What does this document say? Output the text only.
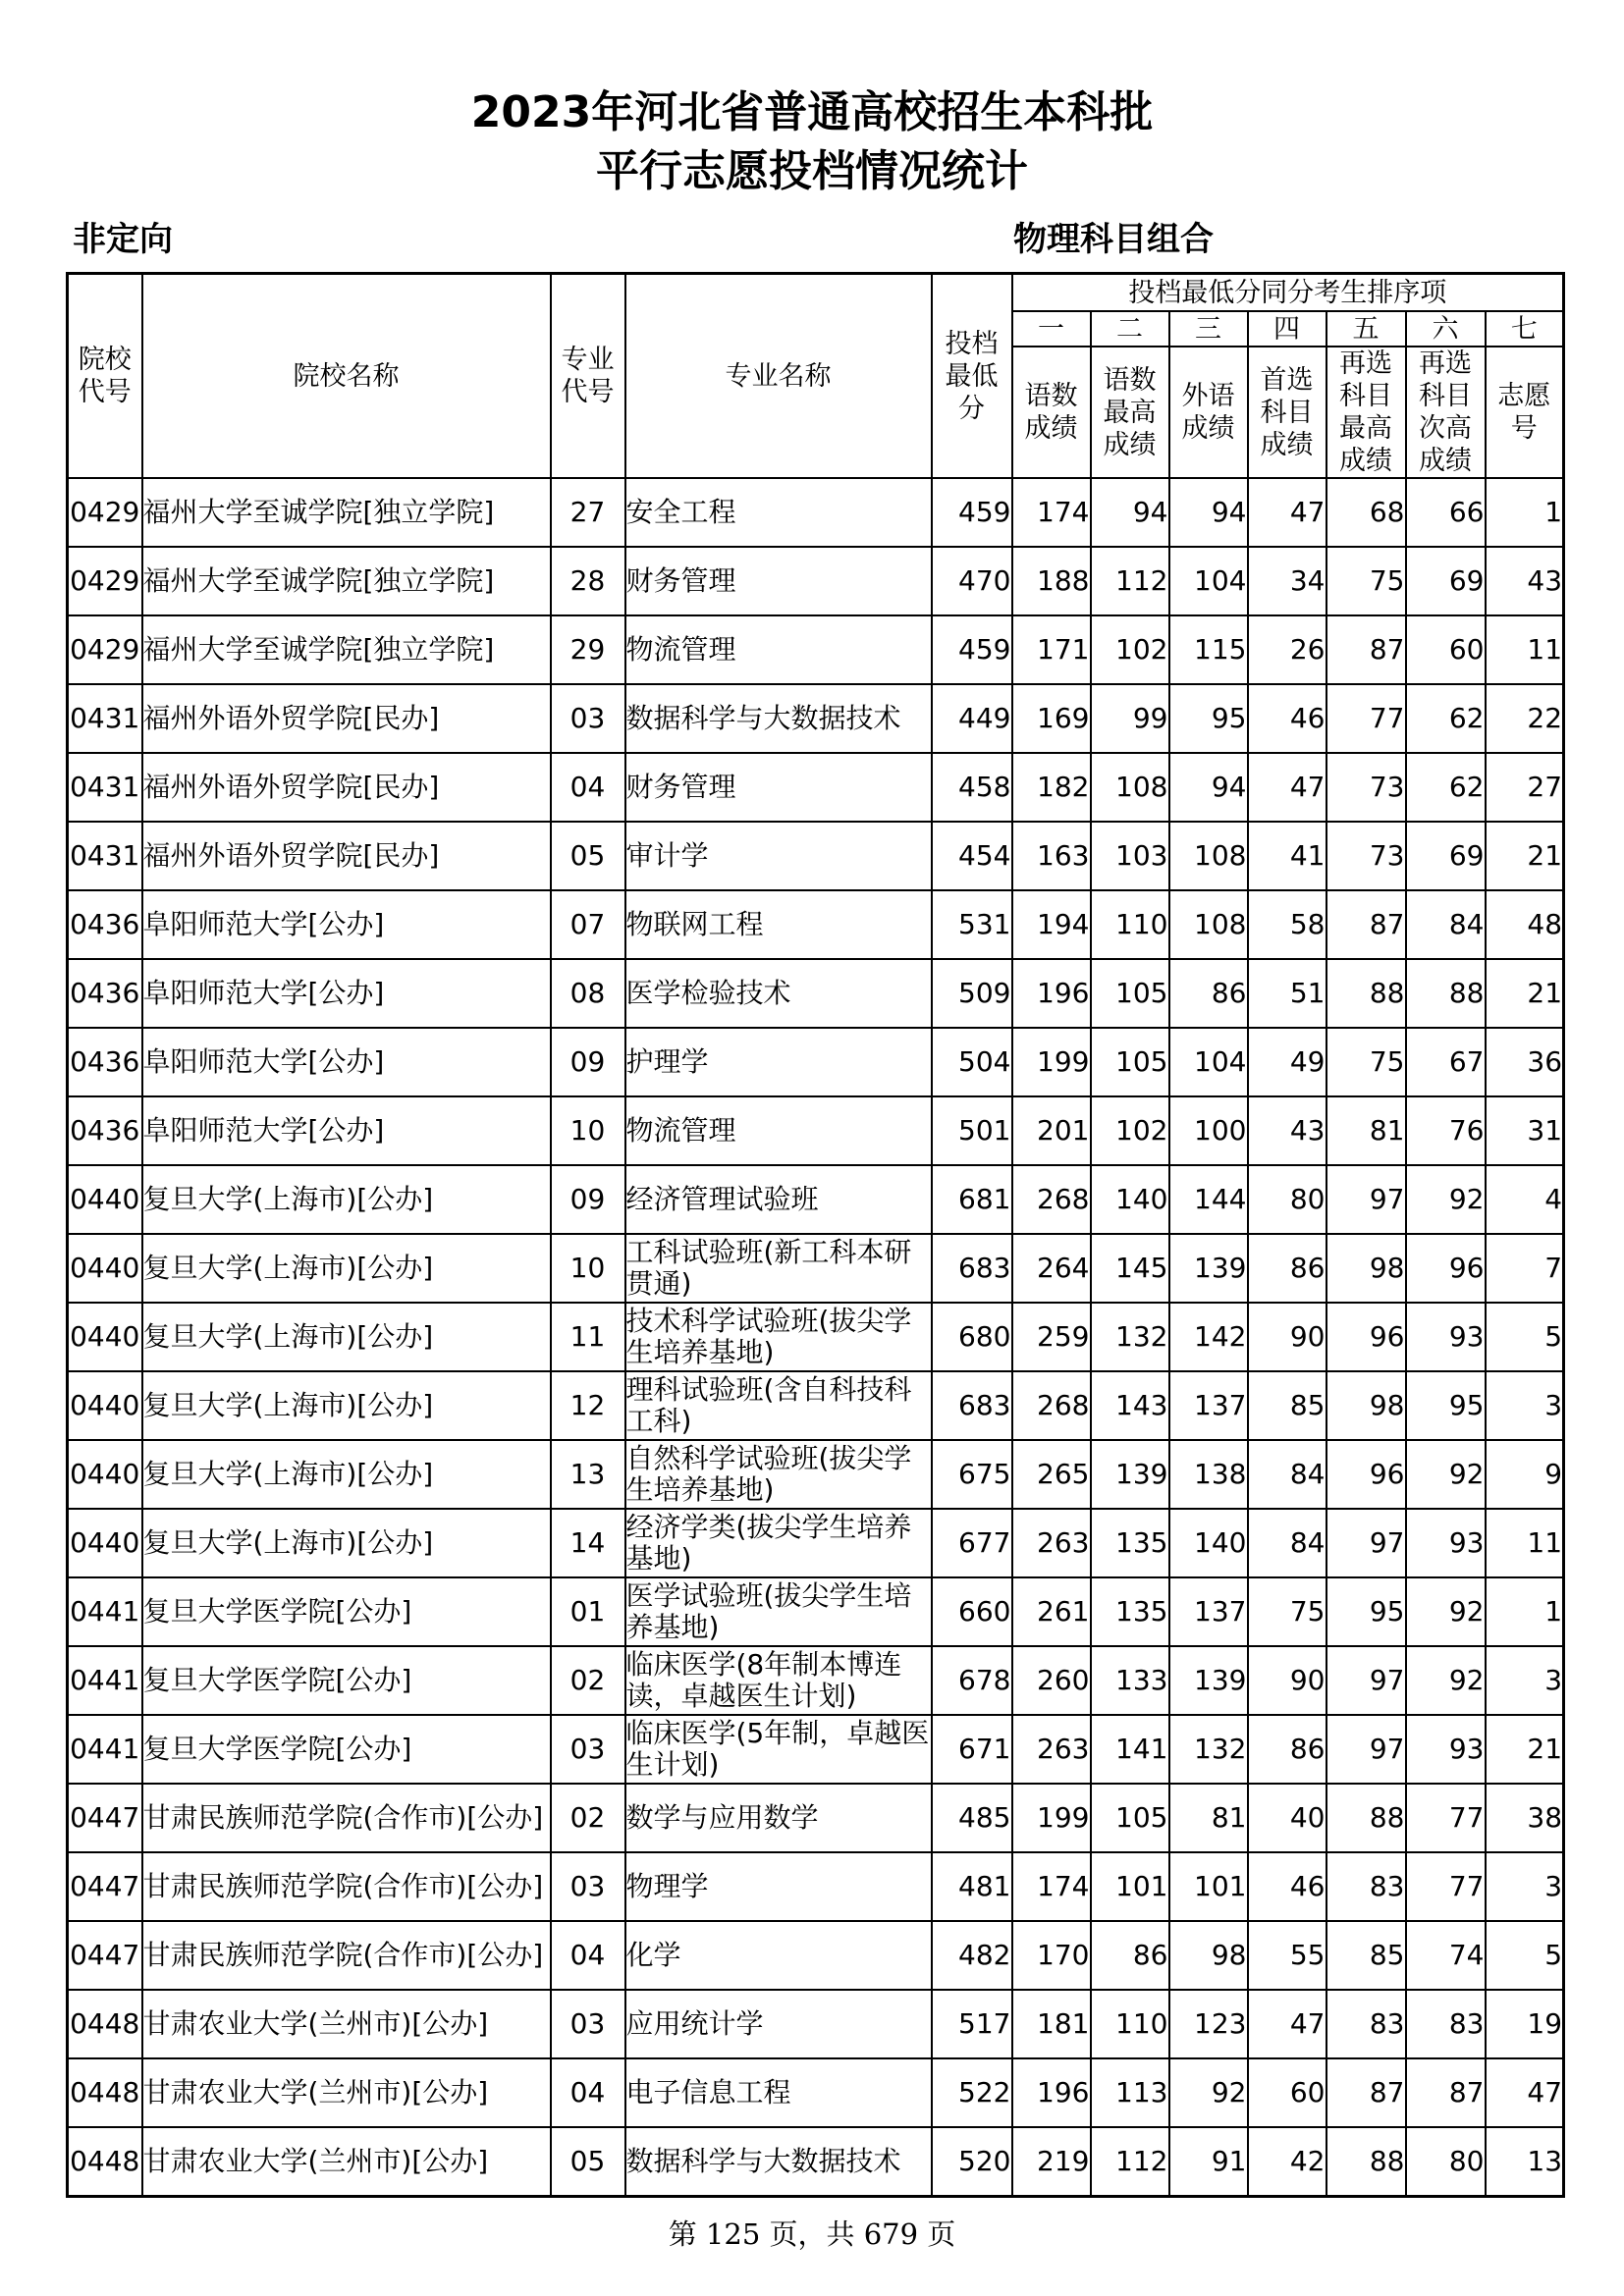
2023年河北省普通高校招生本科批
平行志愿投档情况统计
非定向	物理科目组合
院校代号	院校名称	专业代号	专业名称	投档最低分	投档最低分同分考生排序项						
					一	二	三	四	五	六	七
					语数成绩	语数最高成绩	外语成绩	首选科目成绩	再选科目最高成绩	再选科目次高成绩	志愿号
0429	福州大学至诚学院[独立学院]	27	安全工程	459	174	94	94	47	68	66	1
0429	福州大学至诚学院[独立学院]	28	财务管理	470	188	112	104	34	75	69	43
0429	福州大学至诚学院[独立学院]	29	物流管理	459	171	102	115	26	87	60	11
0431	福州外语外贸学院[民办]	03	数据科学与大数据技术	449	169	99	95	46	77	62	22
0431	福州外语外贸学院[民办]	04	财务管理	458	182	108	94	47	73	62	27
0431	福州外语外贸学院[民办]	05	审计学	454	163	103	108	41	73	69	21
0436	阜阳师范大学[公办]	07	物联网工程	531	194	110	108	58	87	84	48
0436	阜阳师范大学[公办]	08	医学检验技术	509	196	105	86	51	88	88	21
0436	阜阳师范大学[公办]	09	护理学	504	199	105	104	49	75	67	36
0436	阜阳师范大学[公办]	10	物流管理	501	201	102	100	43	81	76	31
0440	复旦大学(上海市)[公办]	09	经济管理试验班	681	268	140	144	80	97	92	4
0440	复旦大学(上海市)[公办]	10	工科试验班(新工科本研贯通)	683	264	145	139	86	98	96	7
0440	复旦大学(上海市)[公办]	11	技术科学试验班(拔尖学生培养基地)	680	259	132	142	90	96	93	5
0440	复旦大学(上海市)[公办]	12	理科试验班(含自科技科工科)	683	268	143	137	85	98	95	3
0440	复旦大学(上海市)[公办]	13	自然科学试验班(拔尖学生培养基地)	675	265	139	138	84	96	92	9
0440	复旦大学(上海市)[公办]	14	经济学类(拔尖学生培养基地)	677	263	135	140	84	97	93	11
0441	复旦大学医学院[公办]	01	医学试验班(拔尖学生培养基地)	660	261	135	137	75	95	92	1
0441	复旦大学医学院[公办]	02	临床医学(8年制本博连读，卓越医生计划)	678	260	133	139	90	97	92	3
0441	复旦大学医学院[公办]	03	临床医学(5年制，卓越医生计划)	671	263	141	132	86	97	93	21
0447	甘肃民族师范学院(合作市)[公办]	02	数学与应用数学	485	199	105	81	40	88	77	38
0447	甘肃民族师范学院(合作市)[公办]	03	物理学	481	174	101	101	46	83	77	3
0447	甘肃民族师范学院(合作市)[公办]	04	化学	482	170	86	98	55	85	74	5
0448	甘肃农业大学(兰州市)[公办]	03	应用统计学	517	181	110	123	47	83	83	19
0448	甘肃农业大学(兰州市)[公办]	04	电子信息工程	522	196	113	92	60	87	87	47
0448	甘肃农业大学(兰州市)[公办]	05	数据科学与大数据技术	520	219	112	91	42	88	80	13
第 125 页，共 679 页
